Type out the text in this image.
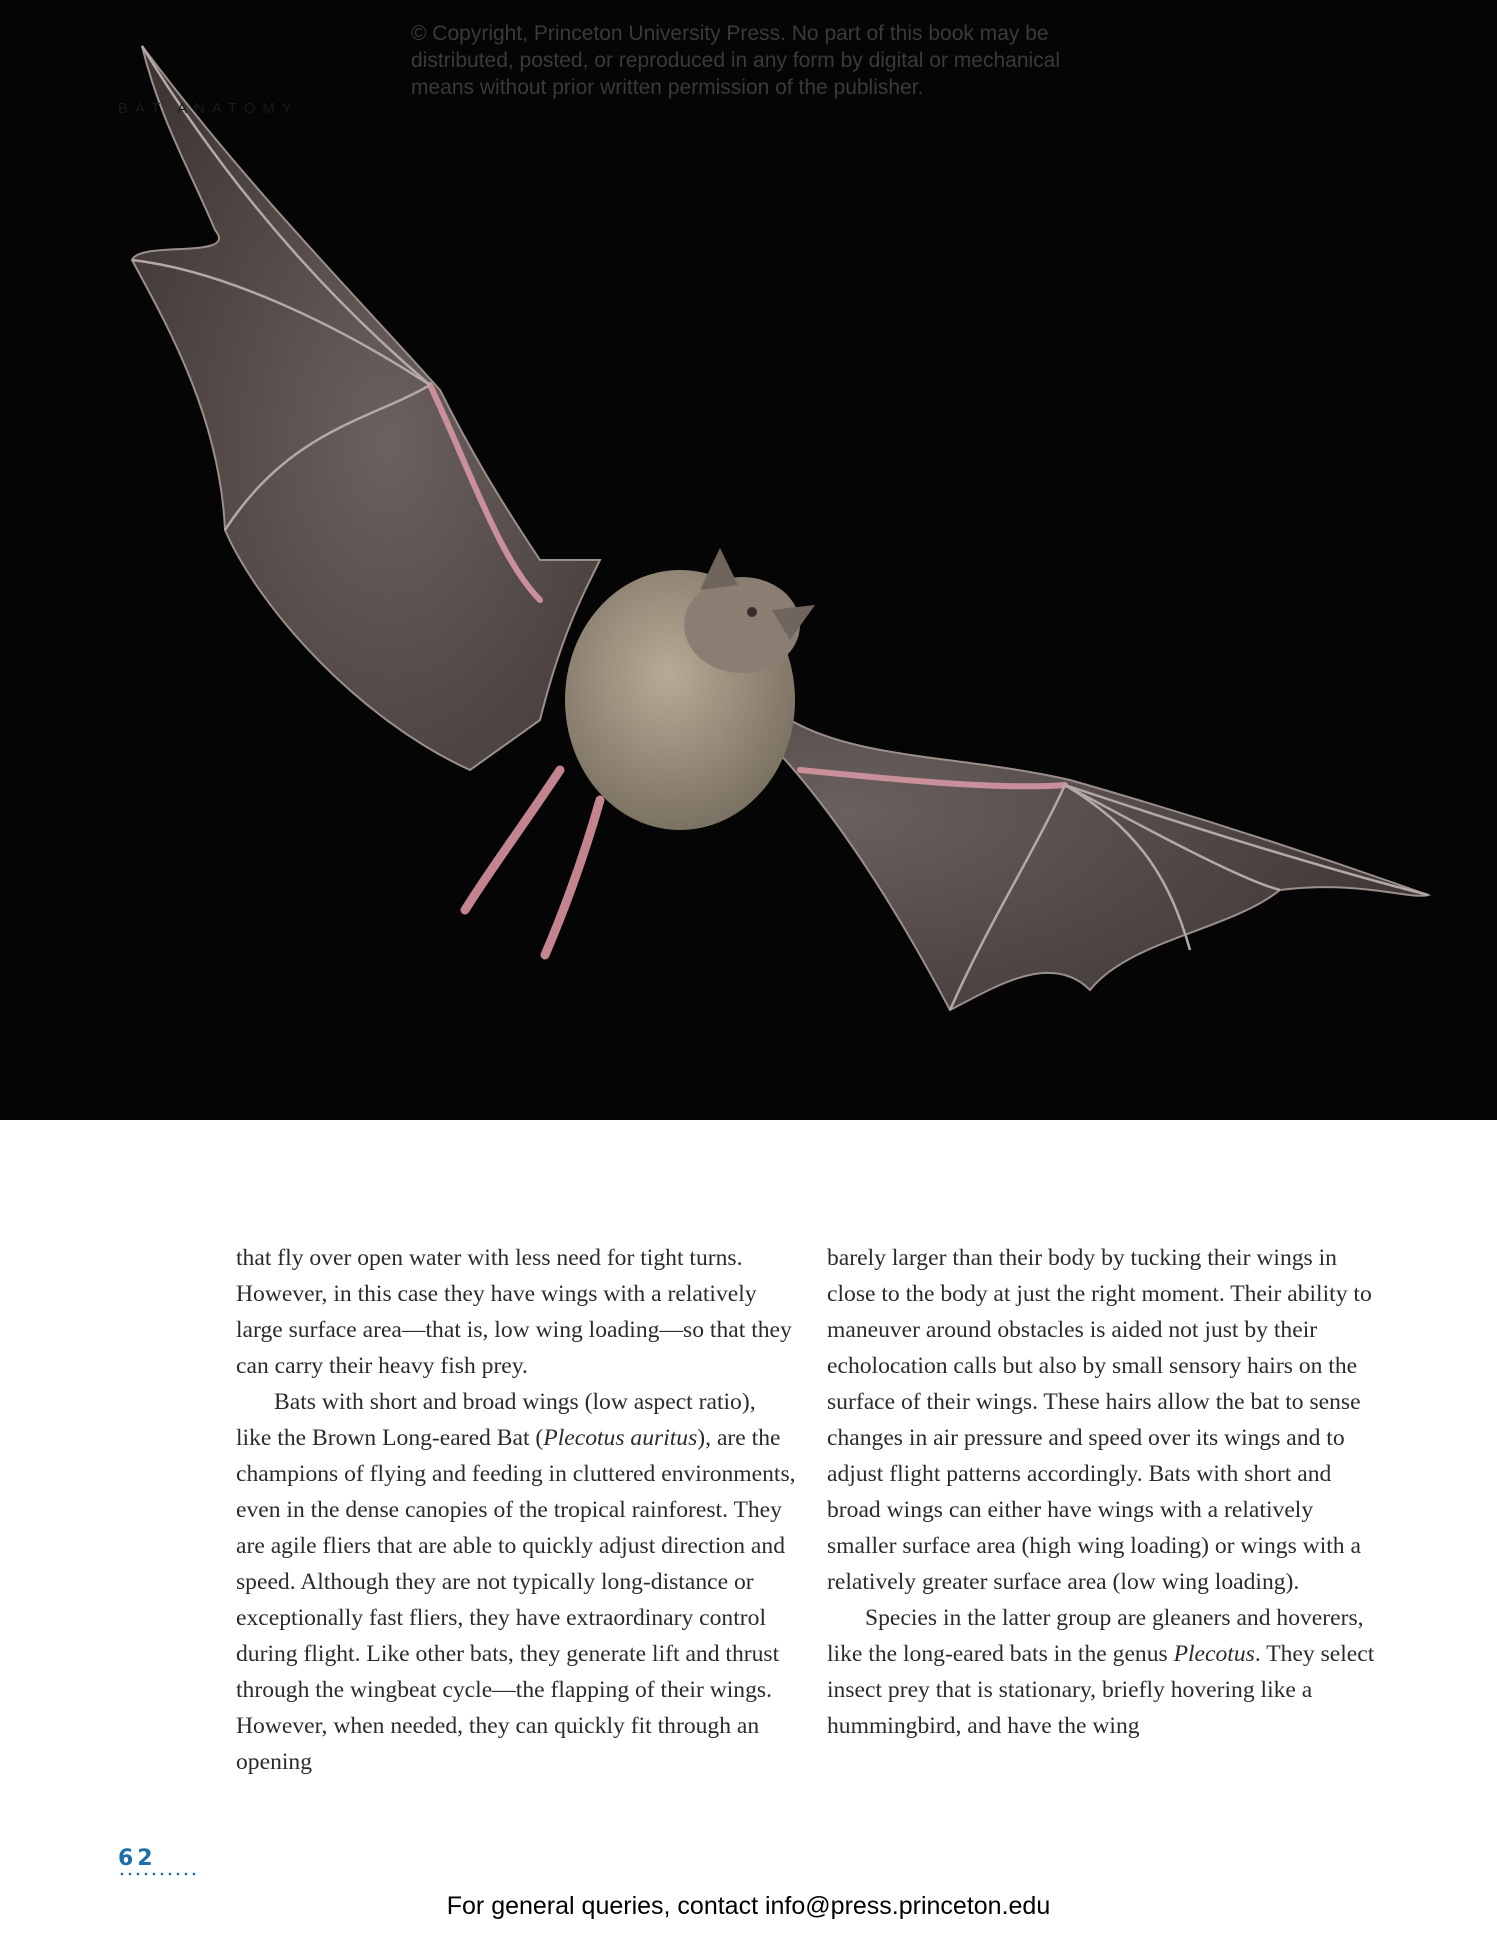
© Copyright, Princeton University Press. No part of this book may be
distributed, posted, or reproduced in any form by digital or mechanical
means without prior written permission of the publisher.
BAT ANATOMY

that fly over open water with less need for tight turns. However, in this case they have wings with a relatively large surface area—that is, low wing loading—so that they can carry their heavy fish prey.

Bats with short and broad wings (low aspect ratio), like the Brown Long-eared Bat (Plecotus auritus), are the champions of flying and feeding in cluttered environments, even in the dense canopies of the tropical rainforest. They are agile fliers that are able to quickly adjust direction and speed. Although they are not typically long-distance or exceptionally fast fliers, they have extraordinary control during flight. Like other bats, they generate lift and thrust through the wingbeat cycle—the flapping of their wings. However, when needed, they can quickly fit through an opening

barely larger than their body by tucking their wings in close to the body at just the right moment. Their ability to maneuver around obstacles is aided not just by their echolocation calls but also by small sensory hairs on the surface of their wings. These hairs allow the bat to sense changes in air pressure and speed over its wings and to adjust flight patterns accordingly. Bats with short and broad wings can either have wings with a relatively smaller surface area (high wing loading) or wings with a relatively greater surface area (low wing loading).

Species in the latter group are gleaners and hoverers, like the long-eared bats in the genus Plecotus. They select insect prey that is stationary, briefly hovering like a hummingbird, and have the wing

62
For general queries, contact info@press.princeton.edu
